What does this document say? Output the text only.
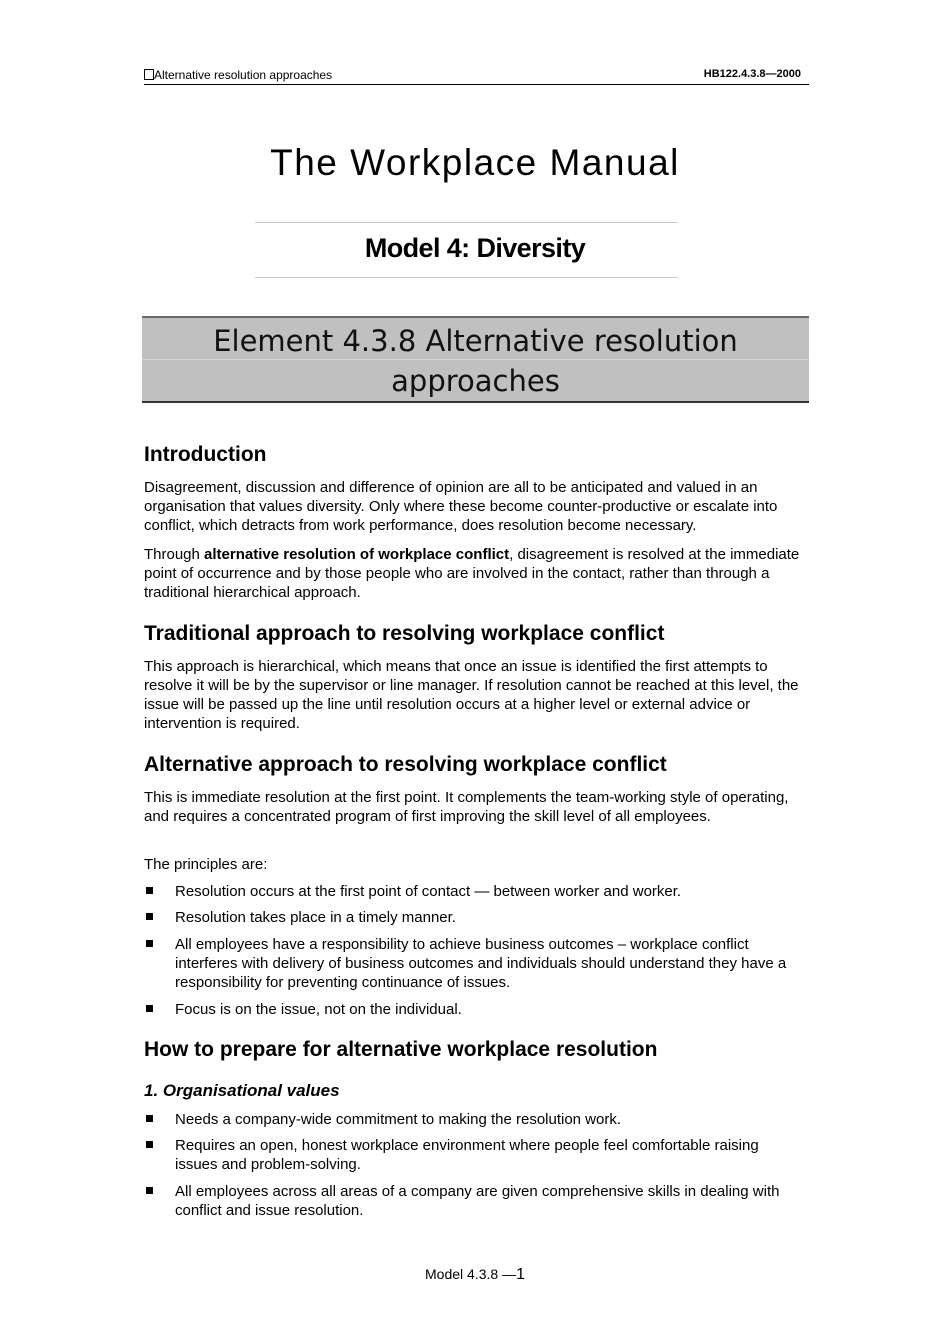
Alternative resolution approaches	HB122.4.3.8—2000
The Workplace Manual
Model 4: Diversity
Element 4.3.8 Alternative resolution
approaches
Introduction
Disagreement, discussion and difference of opinion are all to be anticipated and valued in an organisation that values diversity. Only where these become counter-productive or escalate into conflict, which detracts from work performance, does resolution become necessary.
Through alternative resolution of workplace conflict, disagreement is resolved at the immediate point of occurrence and by those people who are involved in the contact, rather than through a traditional hierarchical approach.
Traditional approach to resolving workplace conflict
This approach is hierarchical, which means that once an issue is identified the first attempts to resolve it will be by the supervisor or line manager. If resolution cannot be reached at this level, the issue will be passed up the line until resolution occurs at a higher level or external advice or intervention is required.
Alternative approach to resolving workplace conflict
This is immediate resolution at the first point. It complements the team-working style of operating, and requires a concentrated program of first improving the skill level of all employees.
The principles are:
Resolution occurs at the first point of contact — between worker and worker.
Resolution takes place in a timely manner.
All employees have a responsibility to achieve business outcomes – workplace conflict interferes with delivery of business outcomes and individuals should understand they have a responsibility for preventing continuance of issues.
Focus is on the issue, not on the individual.
How to prepare for alternative workplace resolution
1. Organisational values
Needs a company-wide commitment to making the resolution work.
Requires an open, honest workplace environment where people feel comfortable raising issues and problem-solving.
All employees across all areas of a company are given comprehensive skills in dealing with conflict and issue resolution.
Model 4.3.8 —1
